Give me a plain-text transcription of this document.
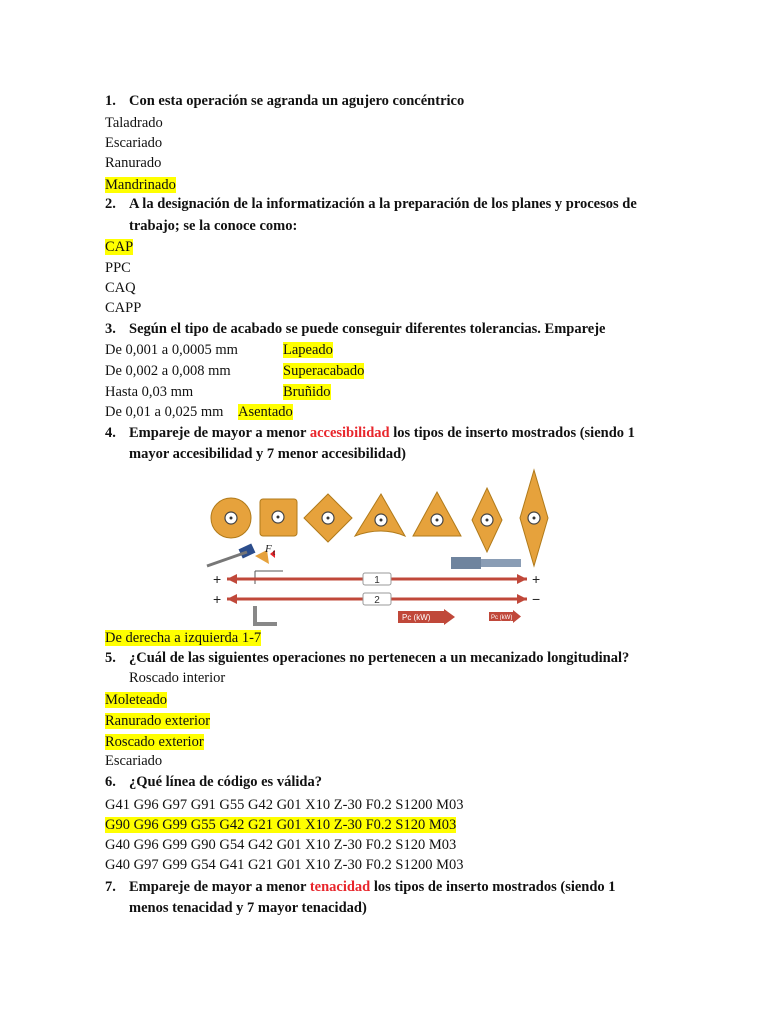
1. Con esta operación se agranda un agujero concéntrico
Taladrado
Escariado
Ranurado
Mandrinado
2. A la designación de la informatización a la preparación de los planes y procesos de
trabajo; se la conoce como:
CAP
PPC
CAQ
CAPP
3. Según el tipo de acabado se puede conseguir diferentes tolerancias. Empareje
De 0,001 a 0,0005 mm	Lapeado
De 0,002 a 0,008 mm	Superacabado
Hasta 0,03 mm	Bruñido
De 0,01 a 0,025 mm Asentado
4. Empareje de mayor a menor accesibilidad los tipos de inserto mostrados (siendo 1
mayor accesibilidad y 7 menor accesibilidad)
F t
1
2
+
+
+
−
Pc (kW)	Pc (kW)
De derecha a izquierda 1-7
5. ¿Cuál de las siguientes operaciones no pertenecen a un mecanizado longitudinal?
Roscado interior
Moleteado
Ranurado exterior
Roscado exterior
Escariado
6. ¿Qué línea de código es válida?
G41 G96 G97 G91 G55 G42 G01 X10 Z-30 F0.2 S1200 M03
G90 G96 G99 G55 G42 G21 G01 X10 Z-30 F0.2 S120 M03
G40 G96 G99 G90 G54 G42 G01 X10 Z-30 F0.2 S120 M03
G40 G97 G99 G54 G41 G21 G01 X10 Z-30 F0.2 S1200 M03
7. Empareje de mayor a menor tenacidad los tipos de inserto mostrados (siendo 1
menos tenacidad y 7 mayor tenacidad)
